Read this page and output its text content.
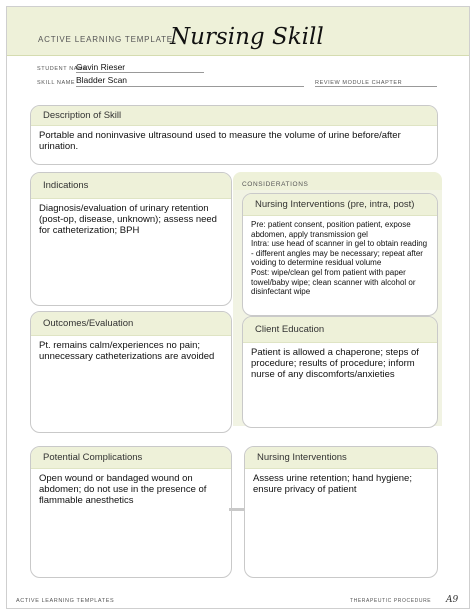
ACTIVE LEARNING TEMPLATE:
Nursing Skill
STUDENT NAME
Gavin Rieser
SKILL NAME Bladder Scan	REVIEW MODULE CHAPTER
Description of Skill
Portable and noninvasive ultrasound used to measure the volume of urine before/after urination.
CONSIDERATIONS
Indications
Diagnosis/evaluation of urinary retention (post-op, disease, unknown); assess need for catheterization; BPH
Nursing Interventions (pre, intra, post)
Pre: patient consent, position patient, expose abdomen, apply transmission gel
Intra: use head of scanner in gel to obtain reading - different angles may be necessary; repeat after voiding to determine residual volume
Post: wipe/clean gel from patient with paper towel/baby wipe; clean scanner with alcohol or disinfectant wipe
Outcomes/Evaluation
Pt. remains calm/experiences no pain; unnecessary catheterizations are avoided
Client Education
Patient is allowed a chaperone; steps of procedure; results of procedure; inform nurse of any discomforts/anxieties
Potential Complications
Open wound or bandaged wound on abdomen; do not use in the presence of flammable anesthetics
Nursing Interventions
Assess urine retention; hand hygiene; ensure privacy of patient
ACTIVE LEARNING TEMPLATES	THERAPEUTIC PROCEDURE A9
